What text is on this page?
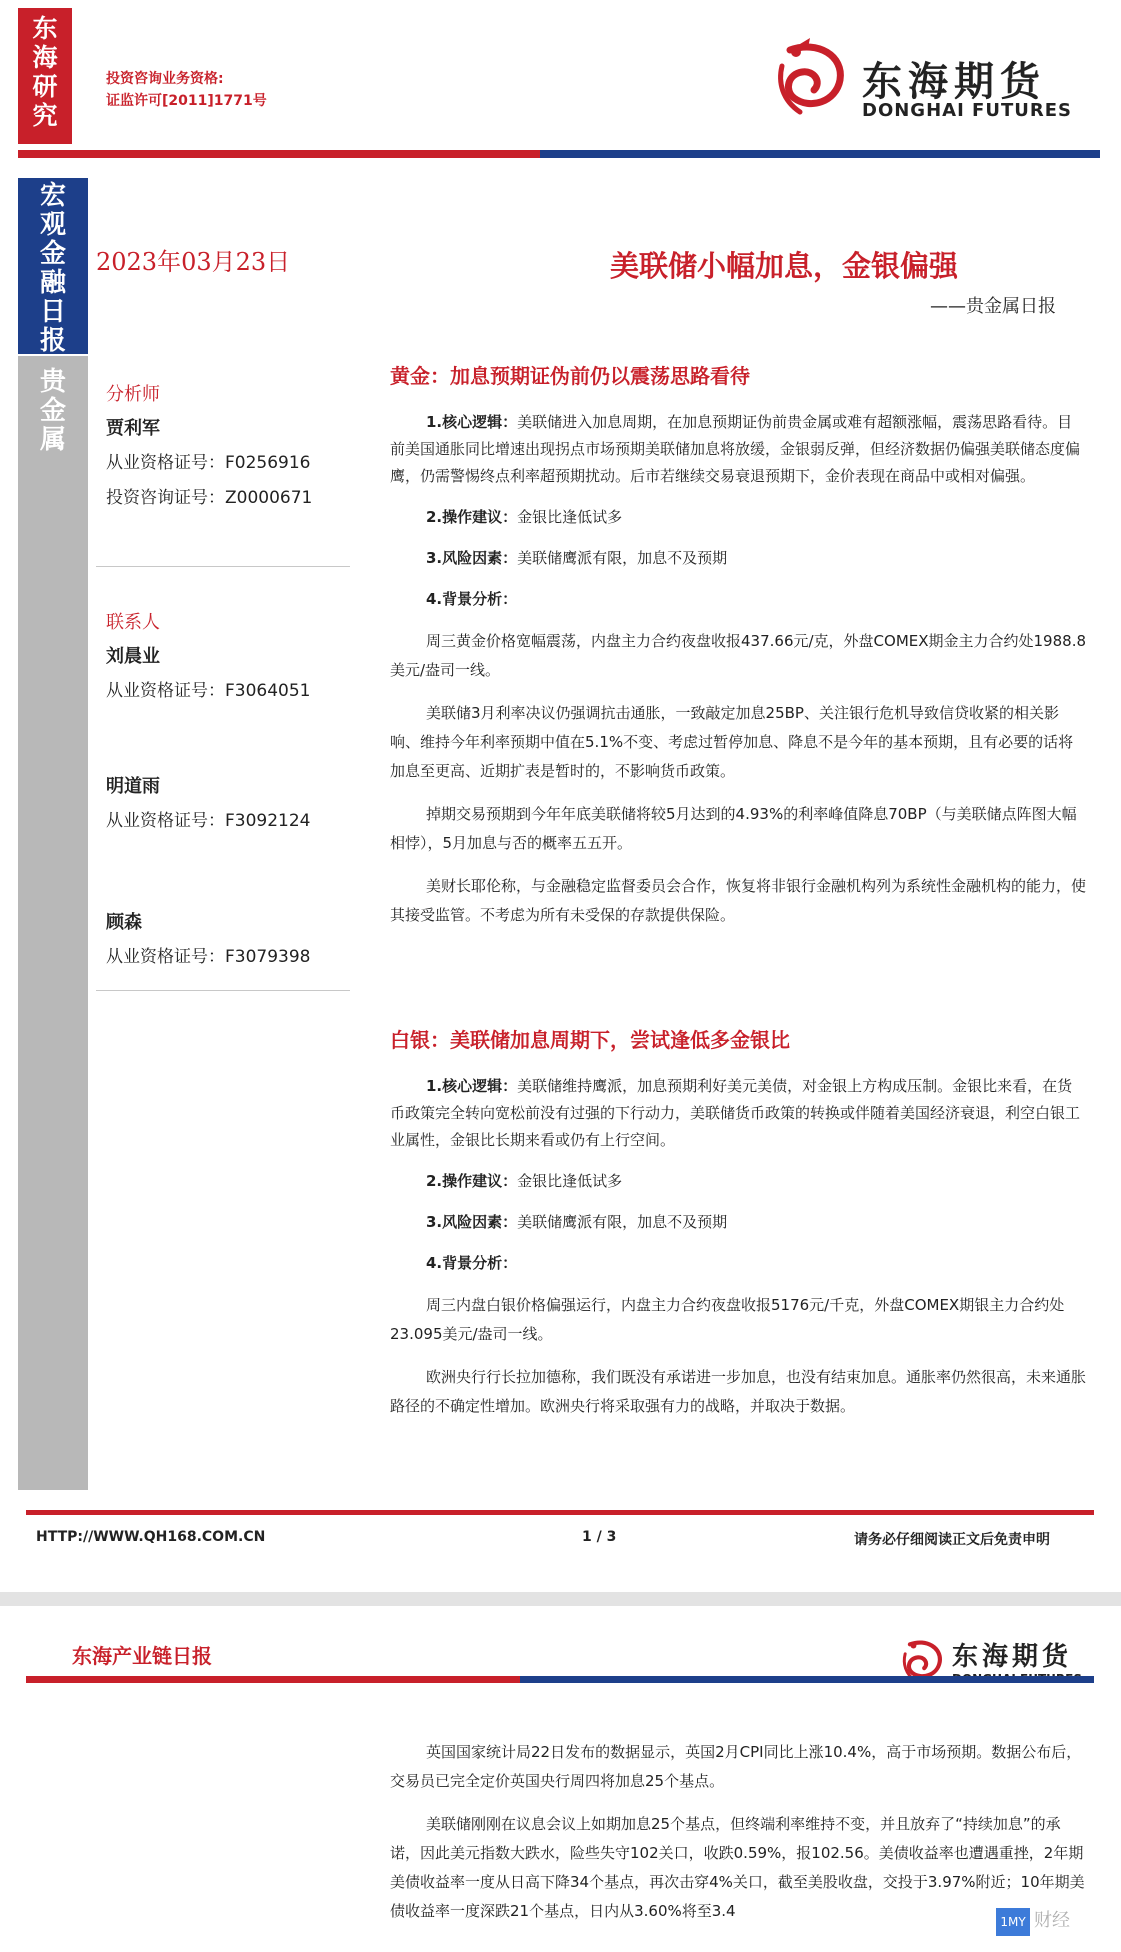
东
海
研
究
投资咨询业务资格:
证监许可[2011]1771号	东海期货
DONGHAI FUTURES
宏
观
金
融
日
报
贵
金
属
2023年03月23日	美联储小幅加息，金银偏强
——贵金属日报
分析师
贾利军
从业资格证号：F0256916
投资咨询证号：Z0000671
联系人
刘晨业
从业资格证号：F3064051
明道雨
从业资格证号：F3092124
顾森
从业资格证号：F3079398
黄金：加息预期证伪前仍以震荡思路看待

1.核心逻辑：美联储进入加息周期，在加息预期证伪前贵金属或难有超额涨幅，震荡思路看待。目前美国通胀同比增速出现拐点市场预期美联储加息将放缓，金银弱反弹，但经济数据仍偏强美联储态度偏鹰，仍需警惕终点利率超预期扰动。后市若继续交易衰退预期下，金价表现在商品中或相对偏强。

2.操作建议：金银比逢低试多

3.风险因素：美联储鹰派有限，加息不及预期

4.背景分析：

周三黄金价格宽幅震荡，内盘主力合约夜盘收报437.66元/克，外盘COMEX期金主力合约处1988.8美元/盎司一线。

美联储3月利率决议仍强调抗击通胀，一致敲定加息25BP、关注银行危机导致信贷收紧的相关影响、维持今年利率预期中值在5.1%不变、考虑过暂停加息、降息不是今年的基本预期，且有必要的话将加息至更高、近期扩表是暂时的，不影响货币政策。

掉期交易预期到今年年底美联储将较5月达到的4.93%的利率峰值降息70BP（与美联储点阵图大幅相悖），5月加息与否的概率五五开。

美财长耶伦称，与金融稳定监督委员会合作，恢复将非银行金融机构列为系统性金融机构的能力，使其接受监管。不考虑为所有未受保的存款提供保险。

白银：美联储加息周期下，尝试逢低多金银比

1.核心逻辑：美联储维持鹰派，加息预期利好美元美债，对金银上方构成压制。金银比来看，在货币政策完全转向宽松前没有过强的下行动力，美联储货币政策的转换或伴随着美国经济衰退，利空白银工业属性，金银比长期来看或仍有上行空间。

2.操作建议：金银比逢低试多

3.风险因素：美联储鹰派有限，加息不及预期

4.背景分析：

周三内盘白银价格偏强运行，内盘主力合约夜盘收报5176元/千克，外盘COMEX期银主力合约处23.095美元/盎司一线。

欧洲央行行长拉加德称，我们既没有承诺进一步加息，也没有结束加息。通胀率仍然很高，未来通胀路径的不确定性增加。欧洲央行将采取强有力的战略，并取决于数据。

HTTP://WWW.QH168.COM.CN	1 / 3	请务必仔细阅读正文后免责申明
东海产业链日报	东海期货

英国国家统计局22日发布的数据显示，英国2月CPI同比上涨10.4%，高于市场预期。数据公布后，交易员已完全定价英国央行周四将加息25个基点。

美联储刚刚在议息会议上如期加息25个基点，但终端利率维持不变，并且放弃了“持续加息”的承诺，因此美元指数大跌水，险些失守102关口，收跌0.59%，报102.56。美债收益率也遭遇重挫，2年期美债收益率一度从日高下降34个基点，再次击穿4%关口，截至美股收盘，交投于3.97%附近；10年期美债收益率一度深跌21个基点，日内从3.60%将至3.4

1MY 财经
